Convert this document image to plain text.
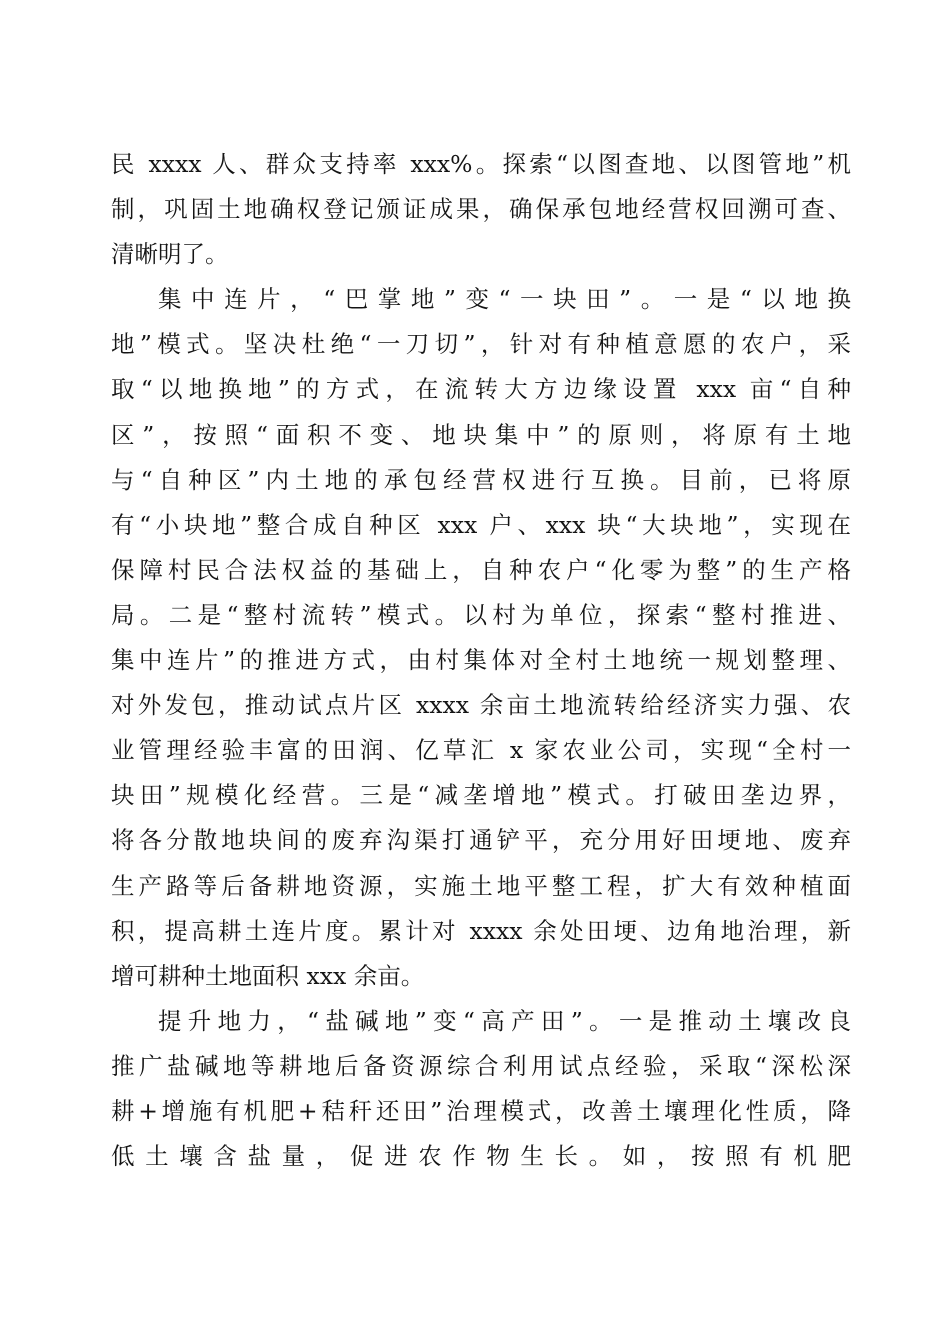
民 xxxx 人、群众支持率 xxx%。探索“以图查地、以图管地”机
制，巩固土地确权登记颁证成果，确保承包地经营权回溯可查、
清晰明了。
集中连片，“巴掌地”变“一块田”。一是“以地换
地”模式。坚决杜绝“一刀切”，针对有种植意愿的农户，采
取“以地换地”的方式，在流转大方边缘设置 xxx 亩“自种
区”，按照“面积不变、地块集中”的原则，将原有土地
与“自种区”内土地的承包经营权进行互换。目前，已将原
有“小块地”整合成自种区 xxx 户、xxx 块“大块地”，实现在
保障村民合法权益的基础上，自种农户“化零为整”的生产格
局。二是“整村流转”模式。以村为单位，探索“整村推进、
集中连片”的推进方式，由村集体对全村土地统一规划整理、
对外发包，推动试点片区 xxxx 余亩土地流转给经济实力强、农
业管理经验丰富的田润、亿草汇 x 家农业公司，实现“全村一
块田”规模化经营。三是“减垄增地”模式。打破田垄边界，
将各分散地块间的废弃沟渠打通铲平，充分用好田埂地、废弃
生产路等后备耕地资源，实施土地平整工程，扩大有效种植面
积，提高耕土连片度。累计对 xxxx 余处田埂、边角地治理，新
增可耕种土地面积 xxx 余亩。
提升地力，“盐碱地”变“高产田”。一是推动土壤改良
推广盐碱地等耕地后备资源综合利用试点经验，采取“深松深
耕+增施有机肥+秸秆还田”治理模式，改善土壤理化性质，降
低土壤含盐量，促进农作物生长。如，按照有机肥
